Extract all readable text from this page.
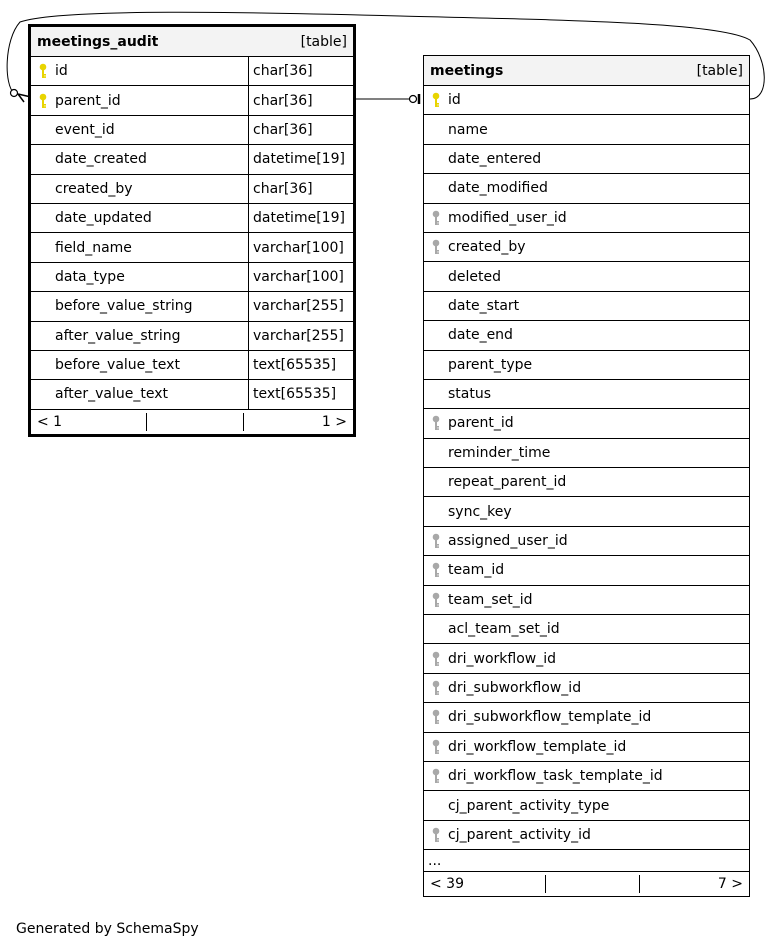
meetings_audit	[table]
id	char[36]
parent_id	char[36]
event_id	char[36]
date_created	datetime[19]
created_by	char[36]
date_updated	datetime[19]
field_name	varchar[100]
data_type	varchar[100]
before_value_string	varchar[255]
after_value_string	varchar[255]
before_value_text	text[65535]
after_value_text	text[65535]
< 1	1 >
meetings	[table]
id
name
date_entered
date_modified
modified_user_id
created_by
deleted
date_start
date_end
parent_type
status
parent_id
reminder_time
repeat_parent_id
sync_key
assigned_user_id
team_id
team_set_id
acl_team_set_id
dri_workflow_id
dri_subworkflow_id
dri_subworkflow_template_id
dri_workflow_template_id
dri_workflow_task_template_id
cj_parent_activity_type
cj_parent_activity_id
...
< 39	7 >
Generated by SchemaSpy
